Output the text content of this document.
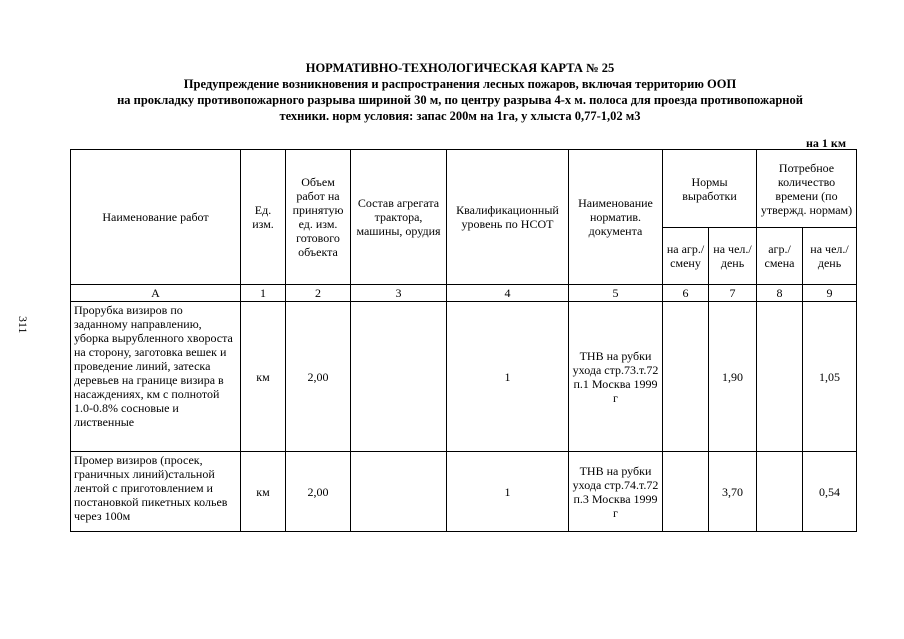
НОРМАТИВНО-ТЕХНОЛОГИЧЕСКАЯ КАРТА № 25
Предупреждение возникновения и распространения лесных пожаров, включая территорию ООП
на прокладку противопожарного разрыва шириной 30 м, по центру разрыва 4-х м. полоса для проезда противопожарной
техники. норм условия: запас 200м на 1га, у хлыста 0,77-1,02 м3
на 1 км
311
Наименование работ	Ед. изм.	Объем работ на принятую ед. изм. готового объекта	Состав агрегата трактора, машины, орудия	Квалификационный уровень по НСОТ	Наименование норматив. документа	Нормы выработки		Потребное количество времени (по утвержд. нормам)	
						на агр./ смену	на чел./ день	агр./ смена	на чел./ день
А	1	2	3	4	5	6	7	8	9
Прорубка визиров по заданному направлению, уборка вырубленного хвороста на сторону, заготовка вешек и проведение линий, затеска деревьев на границе визира в насаждениях, км с полнотой 1.0-0.8% сосновые и лиственные	км	2,00		1	ТНВ на рубки ухода стр.73.т.72 п.1 Москва 1999 г		1,90		1,05
Промер визиров (просек, граничных линий)стальной лентой с приготовлением и постановкой пикетных кольев через 100м	км	2,00		1	ТНВ на рубки ухода стр.74.т.72 п.3 Москва 1999 г		3,70		0,54
